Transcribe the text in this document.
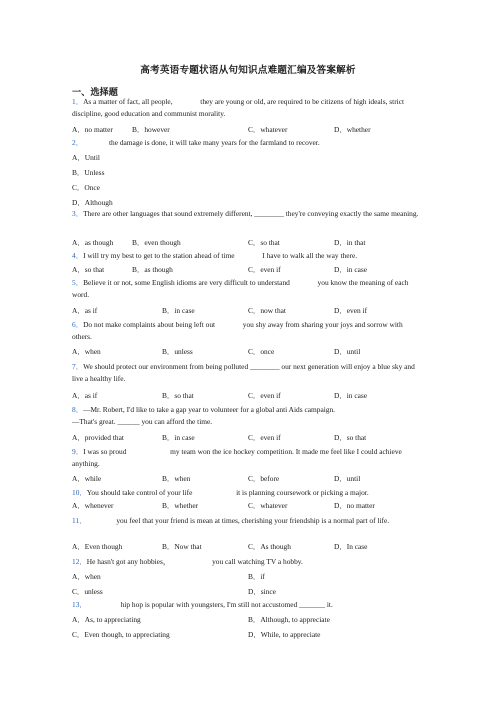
高考英语专题状语从句知识点难题汇编及答案解析
一、选择题
1．As a matter of fact, all people,	they are young or old, are required to be citizens of high ideals, strict discipline, good education and communist morality.
A．no matter	B．however	C．whatever	D．whether
2．	the damage is done, it will take many years for the farmland to recover.
A．Until
B．Unless
C．Once
D．Although
3．There are other languages that sound extremely different, ________ they're conveying exactly the same meaning.
A．as though	B．even though	C．so that	D．in that
4．I will try my best to get to the station ahead of time	I have to walk all the way there.
A．so that	B．as though	C．even if	D．in case
5．Believe it or not, some English idioms are very difficult to understand	you know the meaning of each word.
A．as if	B．in case	C．now that	D．even if
6．Do not make complaints about being left out	you shy away from sharing your joys and sorrow with others.
A．when	B．unless	C．once	D．until
7．We should protect our environment from being polluted ________ our next generation will enjoy a blue sky and live a healthy life.
A．as if	B．so that	C．even if	D．in case
8．—Mr. Robert, I'd like to take a gap year to volunteer for a global anti Aids campaign.
—That's great. ______ you can afford the time.
A．provided that	B．in case	C．even if	D．so that
9．I was so proud	my team won the ice hockey competition. It made me feel like I could achieve anything.
A．while	B．when	C．before	D．until
10．You should take control of your life	it is planning coursework or picking a major.
A．whenever	B．whether	C．whatever	D．no matter
11．	you feel that your friend is mean at times, cherishing your friendship is a normal part of life.
A．Even though	B．Now that	C．As though	D．In case
12．He hasn't got any hobbies，	you call watching TV a hobby.
A．when	B．if
C．unless	D．since
13．	hip hop is popular with youngsters, I'm still not accustomed _______ it.
A．As, to appreciating	B．Although, to appreciate
C．Even though, to appreciating	D．While, to appreciate
